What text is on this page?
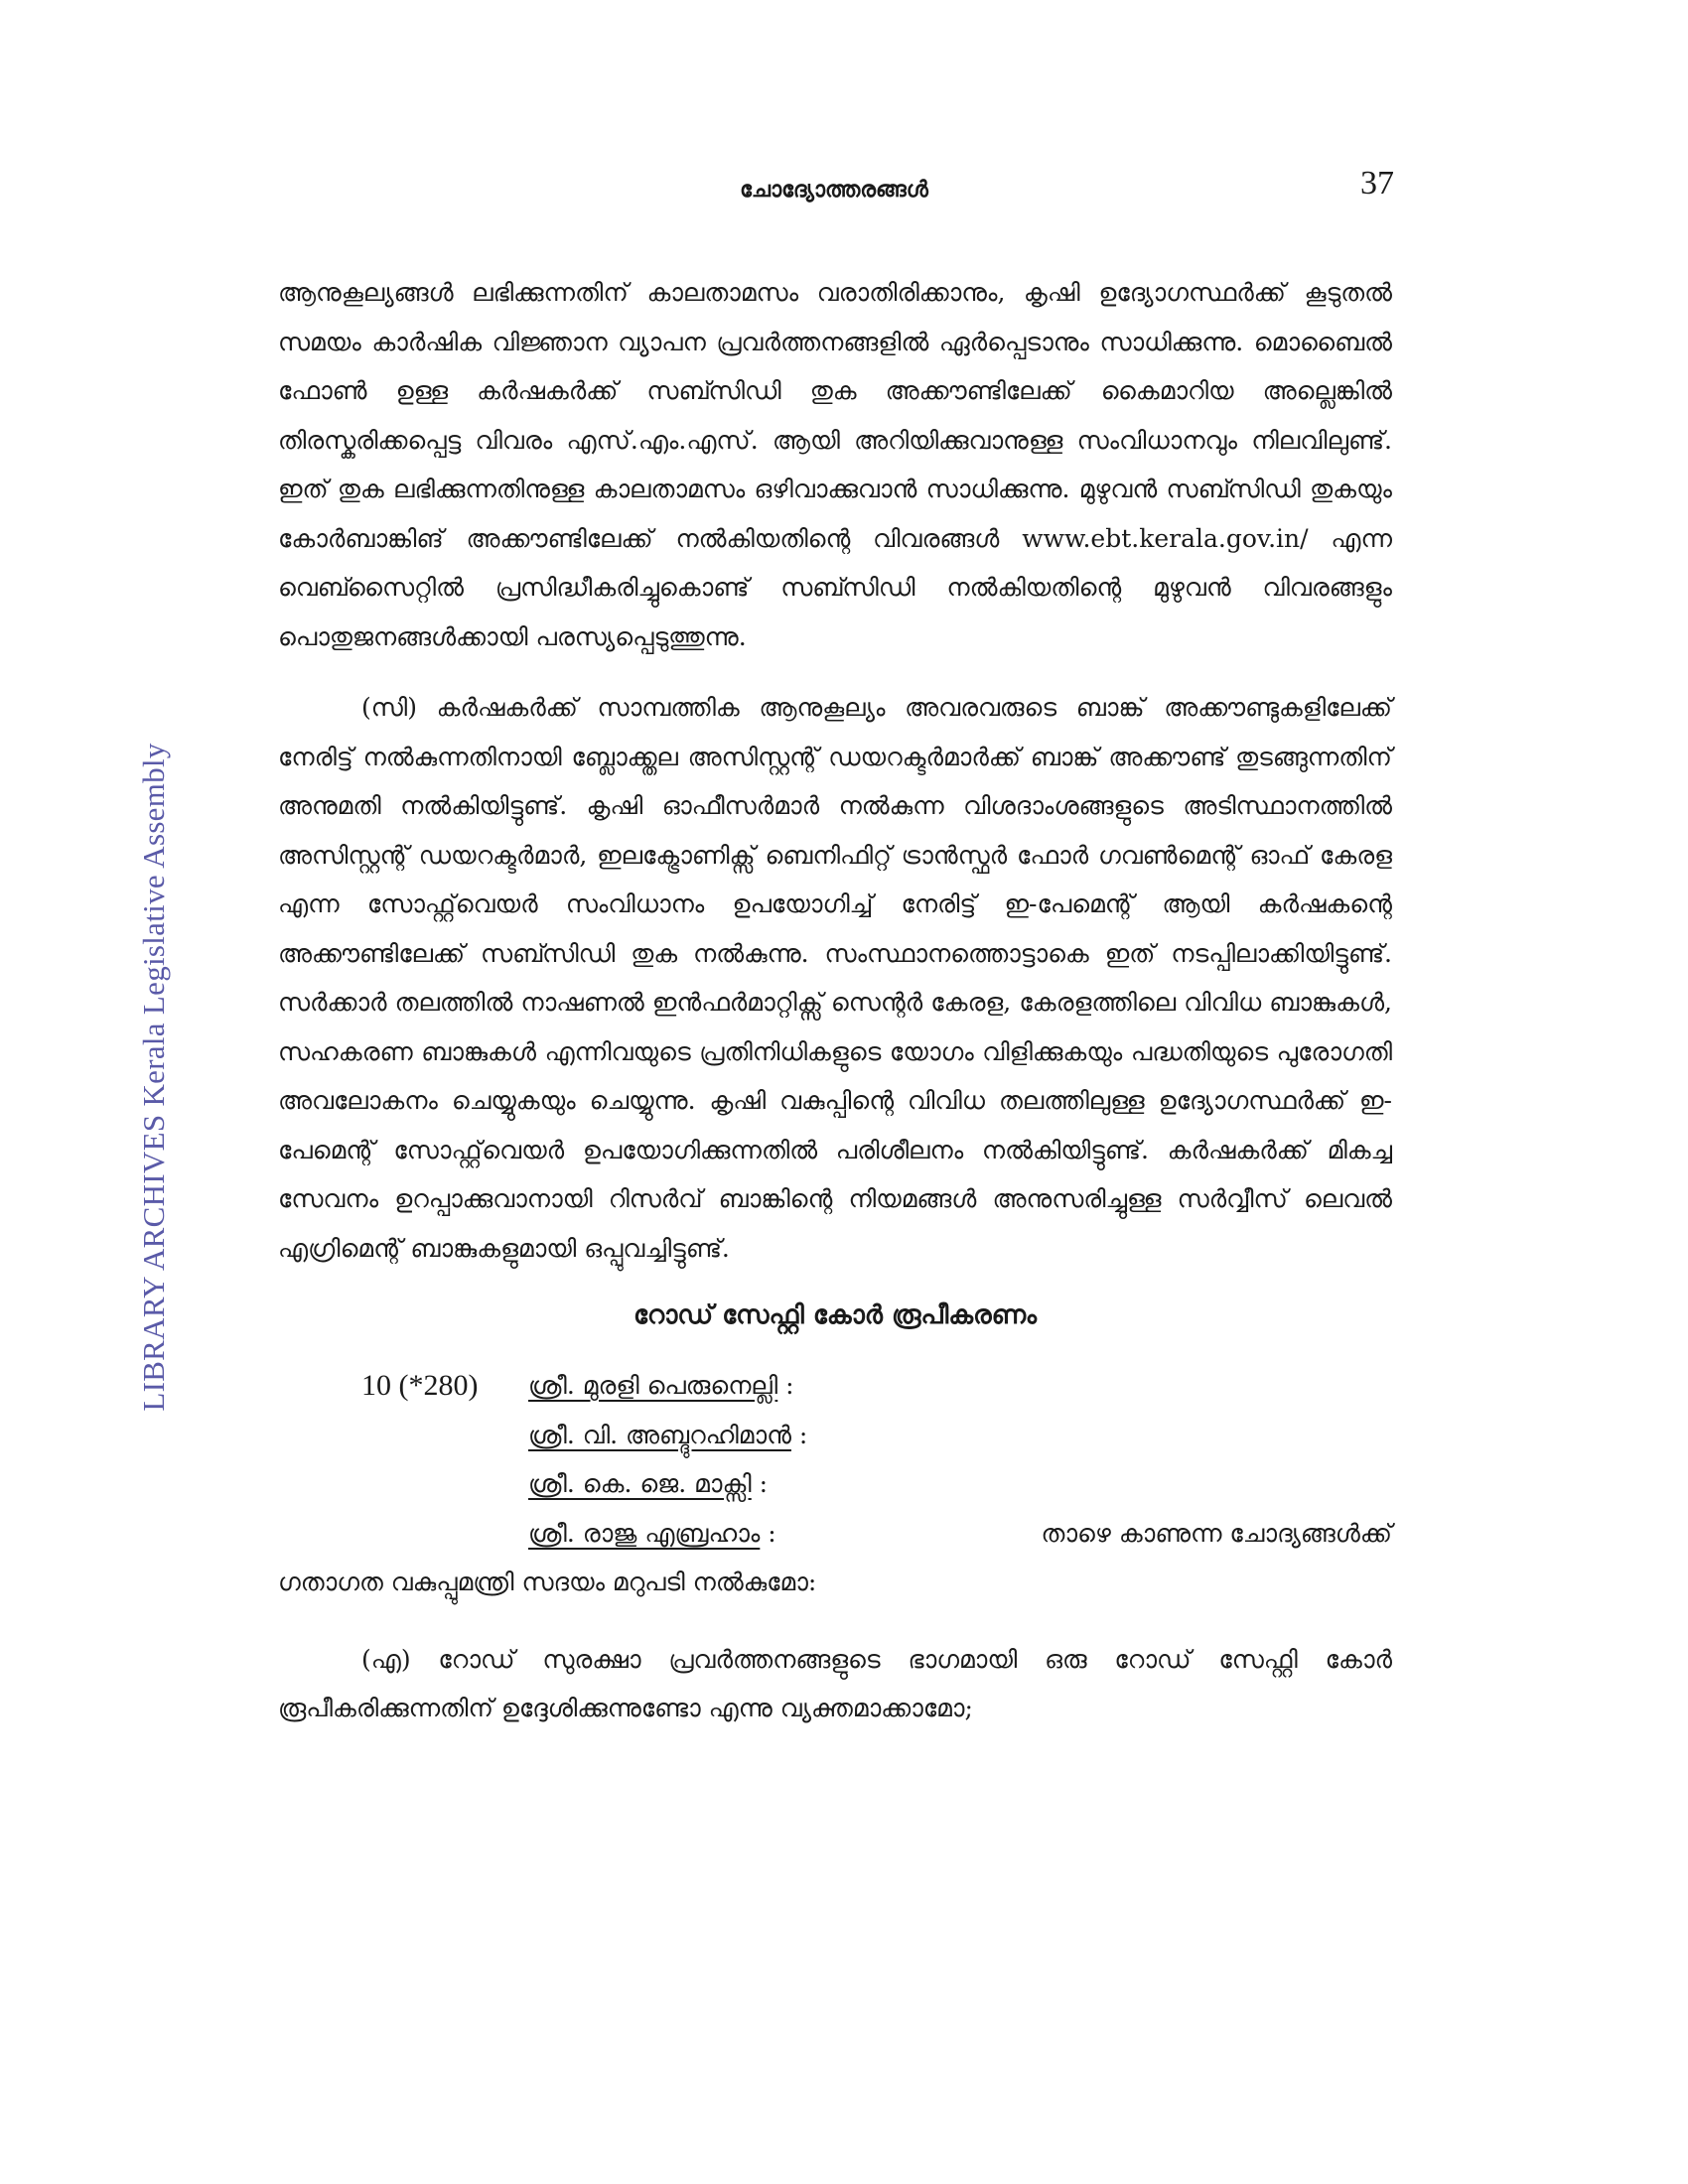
ചോദ്യോത്തരങ്ങൾ	37
LIBRARY ARCHIVES Kerala Legislative Assembly

ആനുകൂല്യങ്ങൾ ലഭിക്കുന്നതിന് കാലതാമസം വരാതിരിക്കാനും, കൃഷി ഉദ്യോഗസ്ഥർക്ക് കൂടുതൽ സമയം കാർഷിക വിജ്ഞാന വ്യാപന പ്രവർത്തനങ്ങളിൽ ഏർപ്പെടാനും സാധിക്കുന്നു. മൊബൈൽ ഫോൺ ഉള്ള കർഷകർക്ക് സബ്സിഡി തുക അക്കൗണ്ടിലേക്ക് കൈമാറിയ അല്ലെങ്കിൽ തിരസ്കരിക്കപ്പെട്ട വിവരം എസ്.എം.എസ്. ആയി അറിയിക്കുവാനുള്ള സംവിധാനവും നിലവിലുണ്ട്. ഇത് തുക ലഭിക്കുന്നതിനുള്ള കാലതാമസം ഒഴിവാക്കുവാൻ സാധിക്കുന്നു. മുഴുവൻ സബ്സിഡി തുകയും കോർബാങ്കിങ് അക്കൗണ്ടിലേക്ക് നൽകിയതിന്റെ വിവരങ്ങൾ www.ebt.kerala.gov.in/ എന്ന വെബ്സൈറ്റിൽ പ്രസിദ്ധീകരിച്ചുകൊണ്ട് സബ്സിഡി നൽകിയതിന്റെ മുഴുവൻ വിവരങ്ങളും പൊതുജനങ്ങൾക്കായി പരസ്യപ്പെടുത്തുന്നു.

(സി) കർഷകർക്ക് സാമ്പത്തിക ആനുകൂല്യം അവരവരുടെ ബാങ്ക് അക്കൗണ്ടുകളിലേക്ക് നേരിട്ട് നൽകുന്നതിനായി ബ്ലോക്ക്തല അസിസ്റ്റന്റ് ഡയറക്ടർമാർക്ക് ബാങ്ക് അക്കൗണ്ട് തുടങ്ങുന്നതിന് അനുമതി നൽകിയിട്ടുണ്ട്. കൃഷി ഓഫീസർമാർ നൽകുന്ന വിശദാംശങ്ങളുടെ അടിസ്ഥാനത്തിൽ അസിസ്റ്റന്റ് ഡയറക്ടർമാർ, ഇലക്ട്രോണിക്സ് ബെനിഫിറ്റ് ട്രാൻസ്ഫർ ഫോർ ഗവൺമെന്റ് ഓഫ് കേരള എന്ന സോഫ്റ്റ്‌വെയർ സംവിധാനം ഉപയോഗിച്ച് നേരിട്ട് ഇ-പേമെന്റ് ആയി കർഷകന്റെ അക്കൗണ്ടിലേക്ക് സബ്സിഡി തുക നൽകുന്നു. സംസ്ഥാനത്തൊട്ടാകെ ഇത് നടപ്പിലാക്കിയിട്ടുണ്ട്. സർക്കാർ തലത്തിൽ നാഷണൽ ഇൻഫർമാറ്റിക്സ് സെന്റർ കേരള, കേരളത്തിലെ വിവിധ ബാങ്കുകൾ, സഹകരണ ബാങ്കുകൾ എന്നിവയുടെ പ്രതിനിധികളുടെ യോഗം വിളിക്കുകയും പദ്ധതിയുടെ പുരോഗതി അവലോകനം ചെയ്യുകയും ചെയ്യുന്നു. കൃഷി വകുപ്പിന്റെ വിവിധ തലത്തിലുള്ള ഉദ്യോഗസ്ഥർക്ക് ഇ-പേമെന്റ് സോഫ്റ്റ്‌വെയർ ഉപയോഗിക്കുന്നതിൽ പരിശീലനം നൽകിയിട്ടുണ്ട്. കർഷകർക്ക് മികച്ച സേവനം ഉറപ്പാക്കുവാനായി റിസർവ് ബാങ്കിന്റെ നിയമങ്ങൾ അനുസരിച്ചുള്ള സർവ്വീസ് ലെവൽ എഗ്രിമെന്റ് ബാങ്കുകളുമായി ഒപ്പുവച്ചിട്ടുണ്ട്.

റോഡ് സേഫ്റ്റി കോർ രൂപീകരണം
10 (*280) ശ്രീ. മുരളി പെരുനെല്ലി :
ശ്രീ. വി. അബ്ദുറഹിമാൻ :
ശ്രീ. കെ. ജെ. മാക്സി :
ശ്രീ. രാജു എബ്രഹാം :	താഴെ കാണുന്ന ചോദ്യങ്ങൾക്ക്

ഗതാഗത വകുപ്പുമന്ത്രി സദയം മറുപടി നൽകുമോ:

(എ) റോഡ് സുരക്ഷാ പ്രവർത്തനങ്ങളുടെ ഭാഗമായി ഒരു റോഡ് സേഫ്റ്റി കോർ രൂപീകരിക്കുന്നതിന് ഉദ്ദേശിക്കുന്നുണ്ടോ എന്നു വ്യക്തമാക്കാമോ;
